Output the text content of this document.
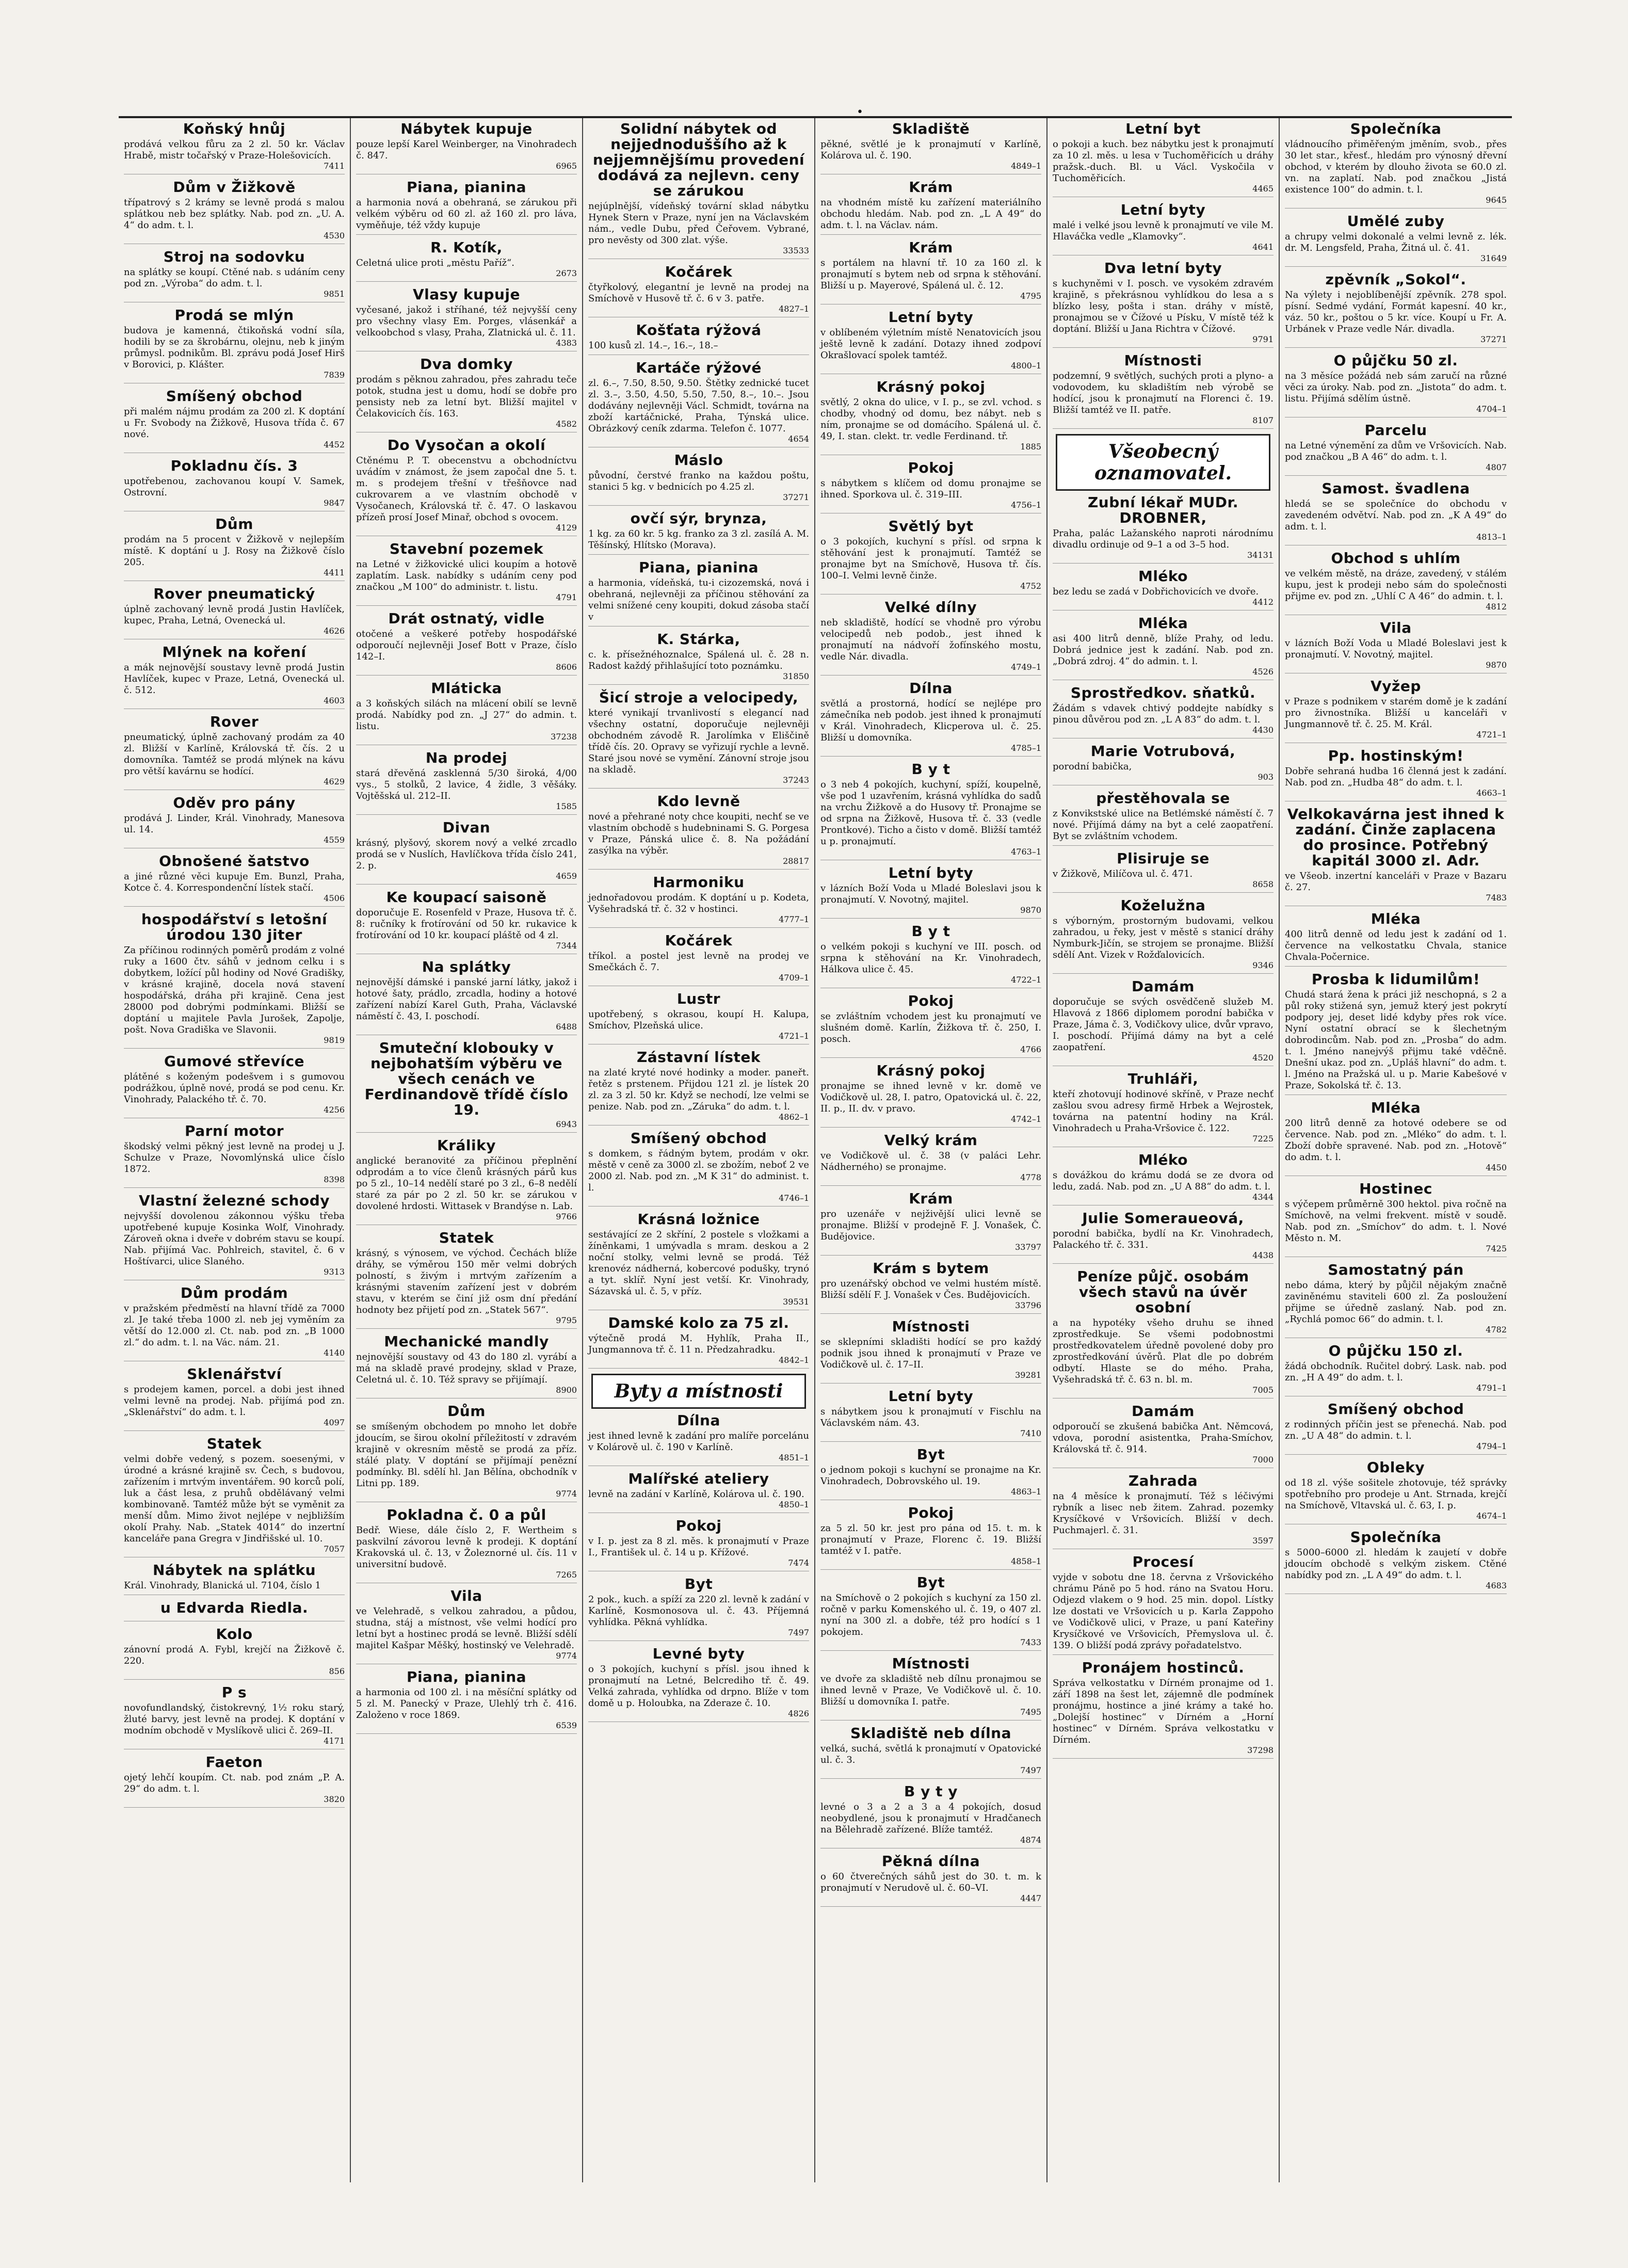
•
Koňský hnůj

prodává velkou fůru za 2 zl. 50 kr. Václav Hrabě, mistr točařský v Praze-Holešovicích.

7411
Dům v Žižkově

třípatrový s 2 krámy se levně prodá s malou splátkou neb bez splátky. Nab. pod zn. „U. A. 4“ do adm. t. l.

4530
Stroj na sodovku

na splátky se koupí. Ctěné nab. s udáním ceny pod zn. „Výroba“ do adm. t. l.

9851
Prodá se mlýn

budova je kamenná, čtikoňská vodní síla, hodili by se za škrobárnu, olejnu, neb k jiným průmysl. podnikům. Bl. zprávu podá Josef Hirš v Borovici, p. Klášter.

7839
Smíšený obchod

při malém nájmu prodám za 200 zl. K doptání u Fr. Svobody na Žižkově, Husova třída č. 67 nové.

4452
Pokladnu čís. 3

upotřebenou, zachovanou koupí V. Samek, Ostrovní.

9847
Dům

prodám na 5 procent v Žižkově v nejlepším místě. K doptání u J. Rosy na Žižkově číslo 205.

4411
Rover pneumatický

úplně zachovaný levně prodá Justin Havlíček, kupec, Praha, Letná, Ovenecká ul.

4626
Mlýnek na koření

a mák nejnovější soustavy levně prodá Justin Havlíček, kupec v Praze, Letná, Ovenecká ul. č. 512.

4603
Rover

pneumatický, úplně zachovaný prodám za 40 zl. Bližší v Karlíně, Královská tř. čís. 2 u domovníka. Tamtéž se prodá mlýnek na kávu pro větší kavárnu se hodící.

4629
Oděv pro pány

prodává J. Linder, Král. Vinohrady, Manesova ul. 14.

4559
Obnošené šatstvo

a jiné různé věci kupuje Em. Bunzl, Praha, Kotce č. 4. Korrespondenční lístek stačí.

4506
hospodářství s letošní úrodou 130 jiter

Za příčinou rodinných poměrů prodám z volné ruky a 1600 čtv. sáhů v jednom celku i s dobytkem, ložící půl hodiny od Nové Gradišky, v krásné krajině, docela nová stavení hospodářská, dráha při krajině. Cena jest 28000 pod dobrými podmínkami. Bližší se doptání u majitele Pavla Jurošek, Zapolje, pošt. Nova Gradiška ve Slavonii.

9819
Gumové střevíce

plátěné s koženým podešvem i s gumovou podrážkou, úplně nové, prodá se pod cenu. Kr. Vinohrady, Palackého tř. č. 70.

4256
Parní motor

škodský velmi pěkný jest levně na prodej u J. Schulze v Praze, Novomlýnská ulice číslo 1872.

8398
Vlastní železné schody

nejvyšší dovolenou zákonnou výšku třeba upotřebené kupuje Kosinka Wolf, Vinohrady. Zároveň okna i dveře v dobrém stavu se koupí. Nab. přijímá Vac. Pohlreich, stavitel, č. 6 v Hoštívarci, ulice Slaného.

9313
Dům prodám

v pražském předměstí na hlavní třídě za 7000 zl. Je také třeba 1000 zl. neb jej vyměním za větší do 12.000 zl. Ct. nab. pod zn. „B 1000 zl.“ do adm. t. l. na Vác. nám. 21.

4140
Sklenářství

s prodejem kamen, porcel. a dobi jest ihned velmi levně na prodej. Nab. přijímá pod zn. „Sklenářství“ do adm. t. l.

4097
Statek

velmi dobře vedený, s pozem. soesenými, v úrodné a krásné krajině sv. Čech, s budovou, zařízením i mrtvým inventářem. 90 korců polí, luk a část lesa, z pruhů obdělávaný velmi kombinovaně. Tamtéž může být se vyměnit za menší dům. Mimo život nejlépe v nejbližším okolí Prahy. Nab. „Statek 4014“ do inzertní kanceláře pana Gregra v Jindřišské ul. 10.

7057
Nábytek na splátku

Král. Vinohrady, Blanická ul. 7104, číslo 1

u Edvarda Riedla.
Kolo

zánovní prodá A. Fybl, krejčí na Žižkově č. 220.

856
P s

novofundlandský, čistokrevný, 1½ roku starý, žluté barvy, jest levně na prodej. K doptání v modním obchodě v Myslíkově ulici č. 269–II.

4171
Faeton

ojetý lehčí koupím. Ct. nab. pod znám „P. A. 29“ do adm. t. l.

3820
Nábytek kupuje

pouze lepší Karel Weinberger, na Vinohradech č. 847.

6965
Piana, pianina

a harmonia nová a obehraná, se zárukou při velkém výběru od 60 zl. až 160 zl. pro láva, vyměňuje, též vždy kupuje

R. Kotík,

Celetná ulice proti „městu Paříž“.

2673
Vlasy kupuje

vyčesané, jakož i stříhané, též nejvyšší ceny pro všechny vlasy Em. Porges, vlásenkář a velkoobchod s vlasy, Praha, Zlatnická ul. č. 11.

4383
Dva domky

prodám s pěknou zahradou, přes zahradu teče potok, studna jest u domu, hodí se dobře pro pensisty neb za letní byt. Bližší majitel v Čelakovicích čís. 163.

4582
Do Vysočan a okolí

Ctěnému P. T. obecenstvu a obchodníctvu uvádím v známost, že jsem započal dne 5. t. m. s prodejem třešní v třešňovce nad cukrovarem a ve vlastním obchodě v Vysočanech, Královská tř. č. 47. O laskavou přízeň prosí Josef Minař, obchod s ovocem.

4129
Stavební pozemek

na Letné v žižkovické ulici koupím a hotově zaplatím. Lask. nabídky s udáním ceny pod značkou „M 100“ do administr. t. listu.

4791
Drát ostnatý, vidle

otočené a veškeré potřeby hospodářské odporoučí nejlevněji Josef Bott v Praze, číslo 142–I.

8606
Mláticka

a 3 koňských silách na mlácení obilí se levně prodá. Nabídky pod zn. „J 27“ do admin. t. listu.

37238
Na prodej

stará dřevěná zasklenná 5/30 široká, 4/00 vys., 5 stolků, 2 lavice, 4 židle, 3 věšáky. Vojtěšská ul. 212–II.

1585
Divan

krásný, plyšový, skorem nový a velké zrcadlo prodá se v Nuslích, Havlíčkova třída číslo 241, 2. p.

4659
Ke koupací saisoně

doporučuje E. Rosenfeld v Praze, Husova tř. č. 8: ručníky k frotírování od 50 kr. rukavice k frotírování od 10 kr. koupací pláště od 4 zl.

7344
Na splátky

nejnovější dámské i panské jarní látky, jakož i hotové šaty, prádlo, zrcadla, hodiny a hotové zařízení nabízí Karel Guth, Praha, Václavské náměstí č. 43, I. poschodí.

6488
Smuteční klobouky v nejbohatším výběru ve všech cenách ve Ferdinandově třídě číslo 19.
6943
Králiky

anglické beranovité za příčinou přeplnění odprodám a to více členů krásných párů kus po 5 zl., 10–14 nedělí staré po 3 zl., 6–8 nedělí staré za pár po 2 zl. 50 kr. se zárukou v dovolené hrdosti. Wittasek v Brandýse n. Lab.

9766
Statek

krásný, s výnosem, ve východ. Čechách blíže dráhy, se výměrou 150 měr velmi dobrých polností, s živým i mrtvým zařízením a krásnými stavením zařízení jest v dobrém stavu, v kterém se činí již osm dní předání hodnoty bez přijetí pod zn. „Statek 567“.

9795
Mechanické mandly

nejnovější soustavy od 43 do 180 zl. vyrábí a má na skladě pravé prodejny, sklad v Praze, Celetná ul. č. 10. Též spravy se přijímají.

8900
Dům

se smíšeným obchodem po mnoho let dobře jdoucím, se širou okolní příležitostí v zdravém krajině v okresním městě se prodá za příz. stálé platy. V doptání se přijímají penězní podmínky. Bl. sdělí hl. Jan Bělína, obchodník v Litni pp. 189.

9774
Pokladna č. 0 a půl

Bedř. Wiese, dále číslo 2, F. Wertheim s paskvilní závorou levně k prodeji. K doptání Krakovská ul. č. 13, v Žoleznorné ul. čís. 11 v universitní budově.

7265
Vila

ve Velehradě, s velkou zahradou, a půdou, studna, stáj a místnost, vše velmi hodící pro letní byt a hostinec prodá se levně. Bližší sdělí majitel Kašpar Měšký, hostinský ve Velehradě.

9774
Piana, pianina

a harmonia od 100 zl. i na měsíční splátky od 5 zl. M. Panecký v Praze, Ulehlý trh č. 416. Založeno v roce 1869.

6539
Solidní nábytek od nejjednoduššího až k nejjemnějšímu provedení dodává za nejlevn. ceny se zárukou

nejúplnější, vídeňský tovární sklad nábytku Hynek Stern v Praze, nyní jen na Václavském nám., vedle Dubu, před Čeřovem. Vybrané, pro nevěsty od 300 zlat. výše.

33533
Kočárek

čtyřkolový, elegantní je levně na prodej na Smíchově v Husově tř. č. 6 v 3. patře.

4827–1
Košťata rýžová

100 kusů zl. 14.–, 16.–, 18.–

Kartáče rýžové

zl. 6.–, 7.50, 8.50, 9.50. Štětky zednické tucet zl. 3.–, 3.50, 4.50, 5.50, 7.50, 8.–, 10.–. Jsou dodávány nejlevněji Václ. Schmidt, továrna na zboží kartáčnické, Praha, Týnská ulice. Obrázkový ceník zdarma. Telefon č. 1077.

4654
Máslo

původní, čerstvé franko na každou poštu, stanici 5 kg. v bednicích po 4.25 zl.

37271
ovčí sýr, brynza,

1 kg. za 60 kr. 5 kg. franko za 3 zl. zasílá A. M. Těšínský, Hlítsko (Morava).

Piana, pianina

a harmonia, vídeňská, tu-i cizozemská, nová i obehraná, nejlevněji za příčinou stěhování za velmi snížené ceny koupiti, dokud zásoba stačí v

K. Stárka,

c. k. přísežnéhoznalce, Spálená ul. č. 28 n. Radost každý přihlašující toto poznámku.

31850
Šicí stroje a velocipedy,

které vynikají trvanlivostí s elegancí nad všechny ostatní, doporučuje nejlevněji obchodném závodě R. Jarolímka v Eliščině třídě čís. 20. Opravy se vyřizují rychle a levně. Staré jsou nové se vymění. Zánovní stroje jsou na skladě.

37243
Kdo levně

nové a přehrané noty chce koupiti, nechť se ve vlastním obchodě s hudebninami S. G. Porgesa v Praze, Pánská ulice č. 8. Na požádání zasýlka na výběr.

28817
Harmoniku

jednořadovou prodám. K doptání u p. Kodeta, Vyšehradská tř. č. 32 v hostinci.

4777–1
Kočárek

tříkol. a postel jest levně na prodej ve Smečkách č. 7.

4709–1
Lustr

upotřebený, s okrasou, koupí H. Kalupa, Smíchov, Plzeňská ulice.

4721–1
Zástavní lístek

na zlaté kryté nové hodinky a moder. paneřt. řetěz s prstenem. Přijdou 121 zl. je lístek 20 zl. za 3 zl. 50 kr. Když se nechodí, lze velmi se penize. Nab. pod zn. „Záruka“ do adm. t. l.

4862–1
Smíšený obchod

s domkem, s řádným bytem, prodám v okr. městě v ceně za 3000 zl. se zbožím, neboť 2 ve 2000 zl. Nab. pod zn. „M K 31“ do administ. t. l.

4746–1
Krásná ložnice

sestávající ze 2 skříní, 2 postele s vložkami a žíněnkami, 1 umývadla s mram. deskou a 2 noční stolky, velmi levně se prodá. Též krenovéz nádherná, kobercové podušky, trynó a tyt. sklíř. Nyní jest vetší. Kr. Vinohrady, Sázavská ul. č. 5, v příz.

39531
Damské kolo za 75 zl.

výtečně prodá M. Hyhlík, Praha II., Jungmannova tř. č. 11 n. Předzahradku.

4842–1
Byty a místnosti
Dílna

jest ihned levně k zadání pro malíře porcelánu v Kolárově ul. č. 190 v Karlíně.

4851–1
Malířské ateliery

levně na zadání v Karlíně, Kolárova ul. č. 190.

4850–1
Pokoj

v I. p. jest za 8 zl. měs. k pronajmutí v Praze I., František ul. č. 14 u p. Křížové.

7474
Byt

2 pok., kuch. a spíží za 220 zl. levně k zadání v Karlíně, Kosmonosova ul. č. 43. Příjemná vyhlídka. Pěkná vyhlídka.

7497
Levné byty

o 3 pokojích, kuchyní s přísl. jsou ihned k pronajmutí na Letné, Belcrediho tř. č. 49. Velká zahrada, vyhlídka od drpno. Blíže v tom domě u p. Holoubka, na Zderaze č. 10.

4826
Skladiště

pěkné, světlé je k pronajmutí v Karlíně, Kolárova ul. č. 190.

4849–1
Krám

na vhodném místě ku zařízení materiálního obchodu hledám. Nab. pod zn. „L A 49“ do adm. t. l. na Václav. nám.

Krám

s portálem na hlavní tř. 10 za 160 zl. k pronajmutí s bytem neb od srpna k stěhování. Bližší u p. Mayerové, Spálená ul. č. 12.

4795
Letní byty

v oblíbeném výletním místě Nenatovicích jsou ještě levně k zadání. Dotazy ihned zodpoví Okrašlovací spolek tamtéž.

4800–1
Krásný pokoj

světlý, 2 okna do ulice, v I. p., se zvl. vchod. s chodby, vhodný od domu, bez nábyt. neb s ním, pronajme se od domácího. Spálená ul. č. 49, I. stan. clekt. tr. vedle Ferdinand. tř.

1885
Pokoj

s nábytkem s klíčem od domu pronajme se ihned. Sporkova ul. č. 319–III.

4756–1
Světlý byt

o 3 pokojích, kuchyní s přísl. od srpna k stěhování jest k pronajmutí. Tamtéž se pronajme byt na Smíchově, Husova tř. čís. 100–I. Velmi levně činže.

4752
Velké dílny

neb skladiště, hodící se vhodně pro výrobu velocipedů neb podob., jest ihned k pronajmutí na nádvoří žofínského mostu, vedle Nár. divadla.

4749–1
Dílna

světlá a prostorná, hodící se nejlépe pro zámečníka neb podob. jest ihned k pronajmutí v Král. Vinohradech, Klicperova ul. č. 25. Bližší u domovníka.

4785–1
B y t

o 3 neb 4 pokojích, kuchyní, spíží, koupelně, vše pod 1 uzavřením, krásná vyhlídka do sadů na vrchu Žižkově a do Husovy tř. Pronajme se od srpna na Žižkově, Husova tř. č. 33 (vedle Prontkové). Ticho a čisto v domě. Bližší tamtéž u p. pronajmutí.

4763–1
Letní byty

v lázních Boží Voda u Mladé Boleslavi jsou k pronajmutí. V. Novotný, majitel.

9870
B y t

o velkém pokoji s kuchyní ve III. posch. od srpna k stěhování na Kr. Vinohradech, Hálkova ulice č. 45.

4722–1
Pokoj

se zvláštním vchodem jest ku pronajmutí ve slušném domě. Karlín, Žižkova tř. č. 250, I. posch.

4766
Krásný pokoj

pronajme se ihned levně v kr. domě ve Vodičkově ul. 28, I. patro, Opatovická ul. č. 22, II. p., II. dv. v pravo.

4742–1
Velký krám

ve Vodičkově ul. č. 38 (v paláci Lehr. Nádherného) se pronajme.

4778
Krám

pro uzenáře v nejživější ulici levně se pronajme. Bližší v prodejně F. J. Vonašek, Č. Budějovice.

33797
Krám s bytem

pro uzenářský obchod ve velmi hustém místě. Bližší sdělí F. J. Vonašek v Čes. Budějovicích.

33796
Místnosti

se sklepními skladišti hodící se pro každý podnik jsou ihned k pronajmutí v Praze ve Vodičkově ul. č. 17–II.

39281
Letní byty

s nábytkem jsou k pronajmutí v Fischlu na Václavském nám. 43.

7410
Byt

o jednom pokoji s kuchyní se pronajme na Kr. Vinohradech, Dobrovského ul. 19.

4863–1
Pokoj

za 5 zl. 50 kr. jest pro pána od 15. t. m. k pronajmutí v Praze, Florenc č. 19. Bližší tamtéž v I. patře.

4858–1
Byt

na Smíchově o 2 pokojích s kuchyní za 150 zl. ročně v parku Komenského ul. č. 19, o 407 zl. nyní na 300 zl. a dobře, též pro hodící s 1 pokojem.

7433
Místnosti

ve dvoře za skladiště neb dílnu pronajmou se ihned levně v Praze, Ve Vodičkově ul. č. 10. Bližší u domovníka I. patře.

7495
Skladiště neb dílna

velká, suchá, světlá k pronajmutí v Opatovické ul. č. 3.

7497
B y t y

levné o 3 a 2 a 3 a 4 pokojích, dosud neobydlené, jsou k pronajmutí v Hradčanech na Bělehradě zařízené. Blíže tamtéž.

4874
Pěkná dílna

o 60 čtverečných sáhů jest do 30. t. m. k pronajmutí v Nerudově ul. č. 60–VI.

4447
Letní byt

o pokoji a kuch. bez nábytku jest k pronajmutí za 10 zl. měs. u lesa v Tuchoměřicích u dráhy pražsk.-duch. Bl. u Václ. Vyskočila v Tuchoměřicích.

4465
Letní byty

malé i velké jsou levně k pronajmutí ve vile M. Hlaváčka vedle „Klamovky“.

4641
Dva letní byty

s kuchyněmi v I. posch. ve vysokém zdravém krajině, s překrásnou vyhlídkou do lesa a s blízko lesy, pošta i stan. dráhy v místě, pronajmou se v Čížové u Písku, V místě též k doptání. Bližší u Jana Richtra v Čížové.

9791
Místnosti

podzemní, 9 světlých, suchých proti a plyno- a vodovodem, ku skladištím neb výrobě se hodící, jsou k pronajmutí na Florenci č. 19. Bližší tamtéž ve II. patře.

8107
Všeobecný oznamovatel.
Zubní lékař MUDr. DROBNER,

Praha, palác Lažanského naproti národnímu divadlu ordinuje od 9–1 a od 3–5 hod.

34131
Mléko

bez ledu se zadá v Dobřichovicích ve dvoře.

4412
Mléka

asi 400 litrů denně, blíže Prahy, od ledu. Dobrá jednice jest k zadání. Nab. pod zn. „Dobrá zdroj. 4“ do admin. t. l.

4526
Sprostředkov. sňatků.

Žádám s vdavek chtivý poddejte nabídky s pinou důvěrou pod zn. „L A 83“ do adm. t. l.

4430
Marie Votrubová,

porodní babička,

903
přestěhovala se

z Konvikstské ulice na Betlémské náměstí č. 7 nové. Přijímá dámy na byt a celé zaopatření. Byt se zvláštním vchodem.

Plisiruje se

v Žižkově, Milíčova ul. č. 471.

8658
Koželužna

s výborným, prostorným budovami, velkou zahradou, u řeky, jest v městě s stanicí dráhy Nymburk-Jičín, se strojem se pronajme. Bližší sdělí Ant. Vizek v Rožďalovicích.

9346
Damám

doporučuje se svých osvědčeně služeb M. Hlavová z 1866 diplomem porodní babička v Praze, Jáma č. 3, Vodičkovy ulice, dvůr vpravo, I. poschodí. Přijímá dámy na byt a celé zaopatření.

4520
Truhláři,

kteří zhotovují hodinové skříně, v Praze nechť zašlou svou adresy firmě Hrbek a Wejrostek, továrna na patentní hodiny na Král. Vinohradech u Praha-Vršovice č. 122.

7225
Mléko

s dovážkou do krámu dodá se ze dvora od ledu, zadá. Nab. pod zn. „U A 88“ do adm. t. l.

4344
Julie Someraueová,

porodní babička, bydlí na Kr. Vinohradech, Palackého tř. č. 331.

4438
Peníze půjč. osobám všech stavů na úvěr osobní

a na hypotéky všeho druhu se ihned zprostředkuje. Se všemi podobnostmi prostředkovatelem úředně povolené doby pro zprostředkování úvěrů. Plat dle po dobrém odbytí. Hlaste se do mého. Praha, Vyšehradská tř. č. 63 n. bl. m.

7005
Damám

odporoučí se zkušená babička Ant. Němcová, vdova, porodní asistentka, Praha-Smíchov, Královská tř. č. 914.

7000
Zahrada

na 4 měsíce k pronajmutí. Též s léčivými rybník a lisec neb žitem. Zahrad. pozemky Krysíčkové v Vršovicích. Bližší v dech. Puchmajerl. č. 31.

3597
Procesí

vyjde v sobotu dne 18. června z Vršovického chrámu Páně po 5 hod. ráno na Svatou Horu. Odjezd vlakem o 9 hod. 25 min. dopol. Lístky lze dostati ve Vršovicích u p. Karla Zappoho ve Vodičkově ulici, v Praze, u paní Kateřiny Krysíčkové ve Vršovicích, Přemyslova ul. č. 139. O bližší podá zprávy pořadatelstvo.

Pronájem hostinců.

Správa velkostatku v Dírném pronajme od 1. září 1898 na šest let, zájemně dle podmínek pronájmu, hostince a jiné krámy a také ho. „Dolejší hostinec“ v Dírném a „Horní hostinec“ v Dírném. Správa velkostatku v Dírném.

37298
Společníka

vládnoucího přiměřeným jměním, svob., přes 30 let star., křesť., hledám pro výnosný dřevní obchod, v kterém by dlouho života se 60.0 zl. vn. na zaplatí. Nab. pod značkou „Jistá existence 100“ do admin. t. l.

9645
Umělé zuby

a chrupy velmi dokonalé a velmi levně z. lék. dr. M. Lengsfeld, Praha, Žitná ul. č. 41.

31649
zpěvník „Sokol“.

Na výlety i nejoblíbenější zpěvník. 278 spol. písní. Sedmé vydání, Formát kapesní. 40 kr., váz. 50 kr., poštou o 5 kr. více. Koupí u Fr. A. Urbánek v Praze vedle Nár. divadla.

37271
O půjčku 50 zl.

na 3 měsíce požádá neb sám zaručí na různé věci za úroky. Nab. pod zn. „Jistota“ do adm. t. listu. Přijímá sdělím ústně.

4704–1
Parcelu

na Letné výnemění za dům ve Vršovicích. Nab. pod značkou „B A 46“ do adm. t. l.

4807
Samost. švadlena

hledá se se společníce do obchodu v zavedeném odvětví. Nab. pod zn. „K A 49“ do adm. t. l.

4813–1
Obchod s uhlím

ve velkém městě, na dráze, zavedený, v stálém kupu, jest k prodeji nebo sám do společnosti přijme ev. pod zn. „Uhlí C A 46“ do admin. t. l.

4812
Vila

v lázních Boží Voda u Mladé Boleslavi jest k pronajmutí. V. Novotný, majitel.

9870
Vyžep

v Praze s podnikem v starém domě je k zadání pro živnostníka. Bližší u kanceláři v Jungmannově tř. č. 25. M. Král.

4721–1
Pp. hostinským!

Dobře sehraná hudba 16 členná jest k zadání. Nab. pod zn. „Hudba 48“ do adm. t. l.

4663–1
Velkokavárna jest ihned k zadání. Činže zaplacena do prosince. Potřebný kapitál 3000 zl. Adr.

ve Všeob. inzertní kanceláři v Praze v Bazaru č. 27.

7483
Mléka

400 litrů denně od ledu jest k zadání od 1. července na velkostatku Chvala, stanice Chvala-Počernice.

Prosba k lidumilům!

Chudá stará žena k práci již neschopná, s 2 a půl roky stižená syn, jemuž který jest pokrytí podpory jej, deset lidé kdyby přes rok více. Nyní ostatní obrací se k šlechetným dobrodincům. Nab. pod zn. „Prosba“ do adm. t. l. Jméno nanejvýš přijmu také vděčně. Dnešní ukaz. pod zn. „Upláš hlavní“ do adm. t. l. Jméno na Pražská ul. u p. Marie Kabešové v Praze, Sokolská tř. č. 13.

Mléka

200 litrů denně za hotové odebere se od července. Nab. pod zn. „Mléko“ do adm. t. l. Zboží dobře spravené. Nab. pod zn. „Hotově“ do adm. t. l.

4450
Hostinec

s výčepem průměrně 300 hektol. piva ročně na Smíchově, na velmi frekvent. místě v soudě. Nab. pod zn. „Smíchov“ do adm. t. l. Nové Město n. M.

7425
Samostatný pán

nebo dáma, který by půjčil nějakým značně zaviněnému staviteli 600 zl. Za posloužení přijme se úředně zaslaný. Nab. pod zn. „Rychlá pomoc 66“ do admin. t. l.

4782
O půjčku 150 zl.

žádá obchodník. Ručitel dobrý. Lask. nab. pod zn. „H A 49“ do adm. t. l.

4791–1
Smíšený obchod

z rodinných příčin jest se přenechá. Nab. pod zn. „U A 48“ do admin. t. l.

4794–1
Obleky

od 18 zl. výše sošitele zhotovuje, též správky spotřebního pro prodeje u Ant. Strnada, krejčí na Smíchově, Vltavská ul. č. 63, I. p.

4674–1
Společníka

s 5000–6000 zl. hledám k zaujetí v dobře jdoucím obchodě s velkým ziskem. Ctěné nabídky pod zn. „L A 49“ do adm. t. l.

4683
